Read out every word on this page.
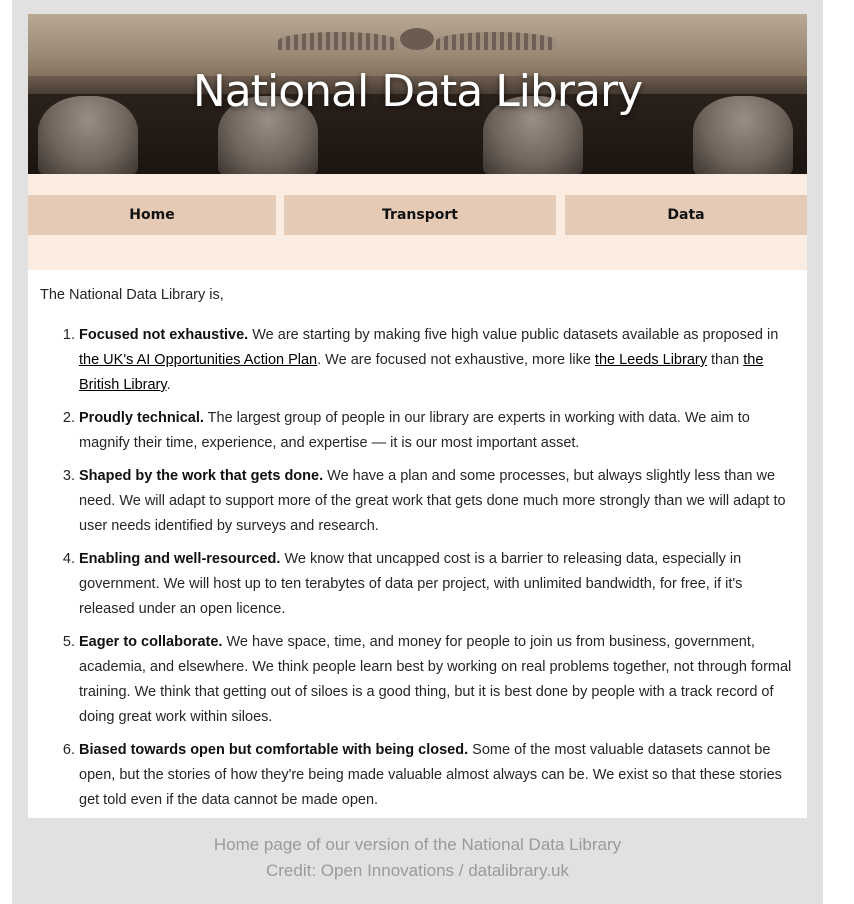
National Data Library
Home	Transport	Data
The National Data Library is,
1. Focused not exhaustive. We are starting by making five high value public datasets available as proposed in the UK's AI Opportunities Action Plan. We are focused not exhaustive, more like the Leeds Library than the British Library.
2. Proudly technical. The largest group of people in our library are experts in working with data. We aim to magnify their time, experience, and expertise — it is our most important asset.
3. Shaped by the work that gets done. We have a plan and some processes, but always slightly less than we need. We will adapt to support more of the great work that gets done much more strongly than we will adapt to user needs identified by surveys and research.
4. Enabling and well-resourced. We know that uncapped cost is a barrier to releasing data, especially in government. We will host up to ten terabytes of data per project, with unlimited bandwidth, for free, if it's released under an open licence.
5. Eager to collaborate. We have space, time, and money for people to join us from business, government, academia, and elsewhere. We think people learn best by working on real problems together, not through formal training. We think that getting out of siloes is a good thing, but it is best done by people with a track record of doing great work within siloes.
6. Biased towards open but comfortable with being closed. Some of the most valuable datasets cannot be open, but the stories of how they're being made valuable almost always can be. We exist so that these stories get told even if the data cannot be made open.
Home page of our version of the National Data Library
Credit: Open Innovations / datalibrary.uk
